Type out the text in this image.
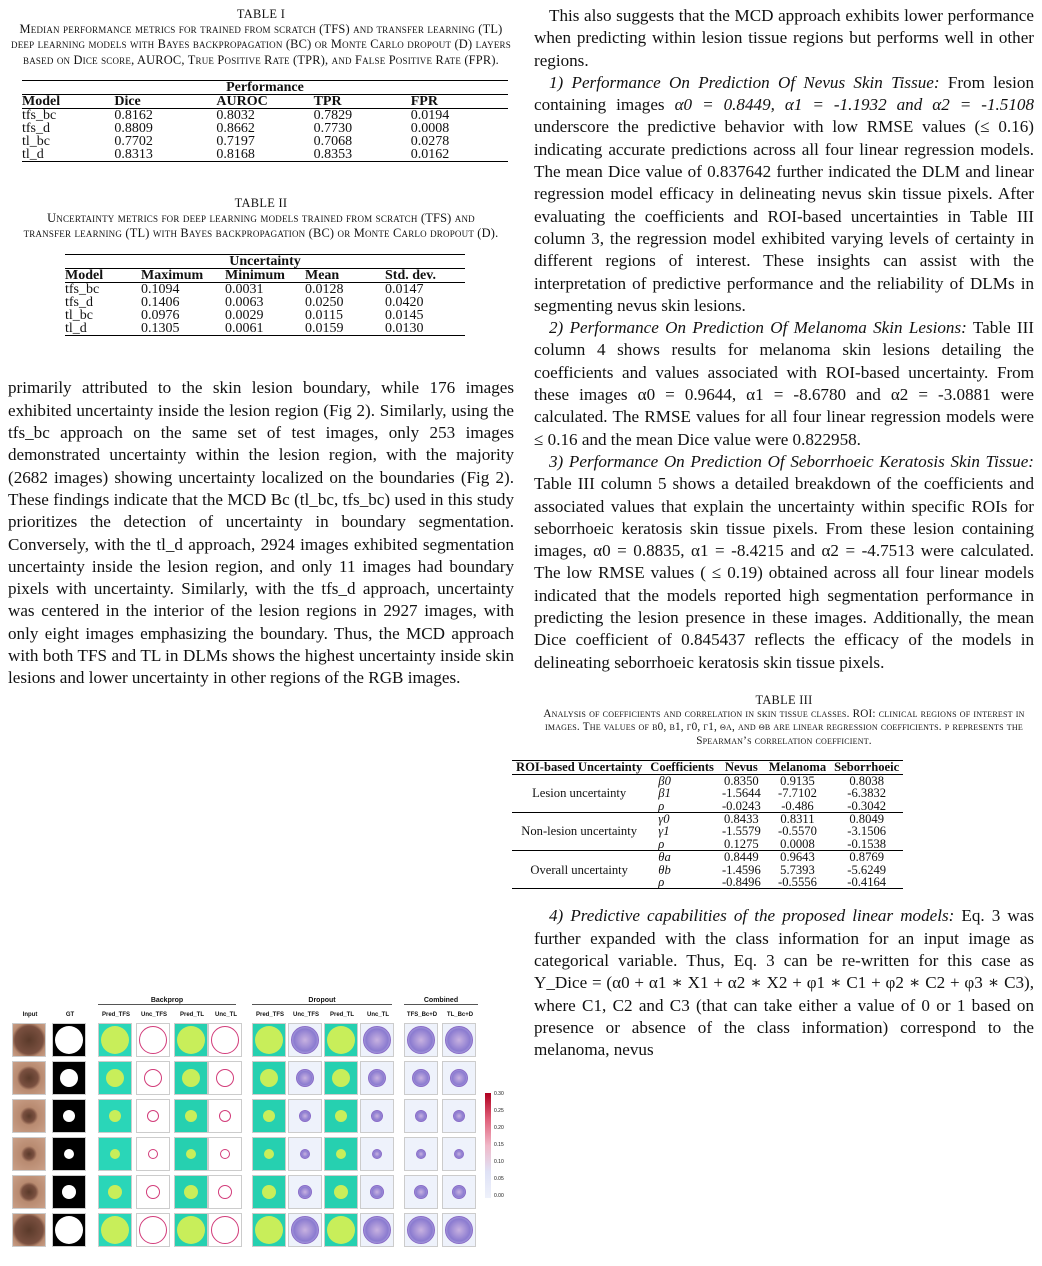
TABLE I
Median performance metrics for trained from scratch (TFS) and transfer learning (TL) deep learning models with Bayes backpropagation (BC) or Monte Carlo dropout (D) layers based on Dice score, AUROC, True Positive Rate (TPR), and False Positive Rate (FPR).
Performance				
Model	Dice	AUROC	TPR	FPR
tfs_bc	0.8162	0.8032	0.7829	0.0194
tfs_d	0.8809	0.8662	0.7730	0.0008
tl_bc	0.7702	0.7197	0.7068	0.0278
tl_d	0.8313	0.8168	0.8353	0.0162
TABLE II
Uncertainty metrics for deep learning models trained from scratch (TFS) and transfer learning (TL) with Bayes backpropagation (BC) or Monte Carlo dropout (D).
Uncertainty				
Model	Maximum	Minimum	Mean	Std. dev.
tfs_bc	0.1094	0.0031	0.0128	0.0147
tfs_d	0.1406	0.0063	0.0250	0.0420
tl_bc	0.0976	0.0029	0.0115	0.0145
tl_d	0.1305	0.0061	0.0159	0.0130

primarily attributed to the skin lesion boundary, while 176 images exhibited uncertainty inside the lesion region (Fig 2). Similarly, using the tfs_bc approach on the same set of test images, only 253 images demonstrated uncertainty within the lesion region, with the majority (2682 images) showing uncertainty localized on the boundaries (Fig 2). These findings indicate that the MCD Bc (tl_bc, tfs_bc) used in this study prioritizes the detection of uncertainty in boundary segmentation. Conversely, with the tl_d approach, 2924 images exhibited segmentation uncertainty inside the lesion region, and only 11 images had boundary pixels with uncertainty. Similarly, with the tfs_d approach, uncertainty was centered in the interior of the lesion regions in 2927 images, with only eight images emphasizing the boundary. Thus, the MCD approach with both TFS and TL in DLMs shows the highest uncertainty inside skin lesions and lower uncertainty in other regions of the RGB images.

Backprop	Dropout	Combined
Input	GT	Pred_TFS	Unc_TFS	Pred_TL	Unc_TL	Pred_TFS	Unc_TFS	Pred_TL	Unc_TL	TFS_Bc+D	TL_Bc+D
0.30
0.25
0.20
0.15
0.10
0.05
0.00

This also suggests that the MCD approach exhibits lower performance when predicting within lesion tissue regions but performs well in other regions.

1) Performance On Prediction Of Nevus Skin Tissue: From lesion containing images α0 = 0.8449, α1 = -1.1932 and α2 = -1.5108 underscore the predictive behavior with low RMSE values (≤ 0.16) indicating accurate predictions across all four linear regression models. The mean Dice value of 0.837642 further indicated the DLM and linear regression model efficacy in delineating nevus skin tissue pixels. After evaluating the coefficients and ROI-based uncertainties in Table III column 3, the regression model exhibited varying levels of certainty in different regions of interest. These insights can assist with the interpretation of predictive performance and the reliability of DLMs in segmenting nevus skin lesions.

2) Performance On Prediction Of Melanoma Skin Lesions: Table III column 4 shows results for melanoma skin lesions detailing the coefficients and values associated with ROI-based uncertainty. From these images α0 = 0.9644, α1 = -8.6780 and α2 = -3.0881 were calculated. The RMSE values for all four linear regression models were ≤ 0.16 and the mean Dice value were 0.822958.

3) Performance On Prediction Of Seborrhoeic Keratosis Skin Tissue: Table III column 5 shows a detailed breakdown of the coefficients and associated values that explain the uncertainty within specific ROIs for seborrhoeic keratosis skin tissue pixels. From these lesion containing images, α0 = 0.8835, α1 = -8.4215 and α2 = -4.7513 were calculated. The low RMSE values ( ≤ 0.19) obtained across all four linear models indicated that the models reported high segmentation performance in predicting the lesion presence in these images. Additionally, the mean Dice coefficient of 0.845437 reflects the efficacy of the models in delineating seborrhoeic keratosis skin tissue pixels.

TABLE III
Analysis of coefficients and correlation in skin tissue classes. ROI: clinical regions of interest in images. The values of β0, β1, γ0, γ1, θa, and θb are linear regression coefficients. ρ represents the Spearman’s correlation coefficient.
ROI-based Uncertainty	Coefficients	Nevus	Melanoma	Seborrhoeic
Lesion uncertainty	β0	0.8350	0.9135	0.8038
	β1	-1.5644	-7.7102	-6.3832
	ρ	-0.0243	-0.486	-0.3042
Non-lesion uncertainty	γ0	0.8433	0.8311	0.8049
	γ1	-1.5579	-0.5570	-3.1506
	ρ	0.1275	0.0008	-0.1538
Overall uncertainty	θa	0.8449	0.9643	0.8769
	θb	-1.4596	5.7393	-5.6249
	ρ	-0.8496	-0.5556	-0.4164

4) Predictive capabilities of the proposed linear models: Eq. 3 was further expanded with the class information for an input image as categorical variable. Thus, Eq. 3 can be re-written for this case as Y_Dice = (α0 + α1 ∗ X1 + α2 ∗ X2 + φ1 ∗ C1 + φ2 ∗ C2 + φ3 ∗ C3), where C1, C2 and C3 (that can take either a value of 0 or 1 based on presence or absence of the class information) correspond to the melanoma, nevus
